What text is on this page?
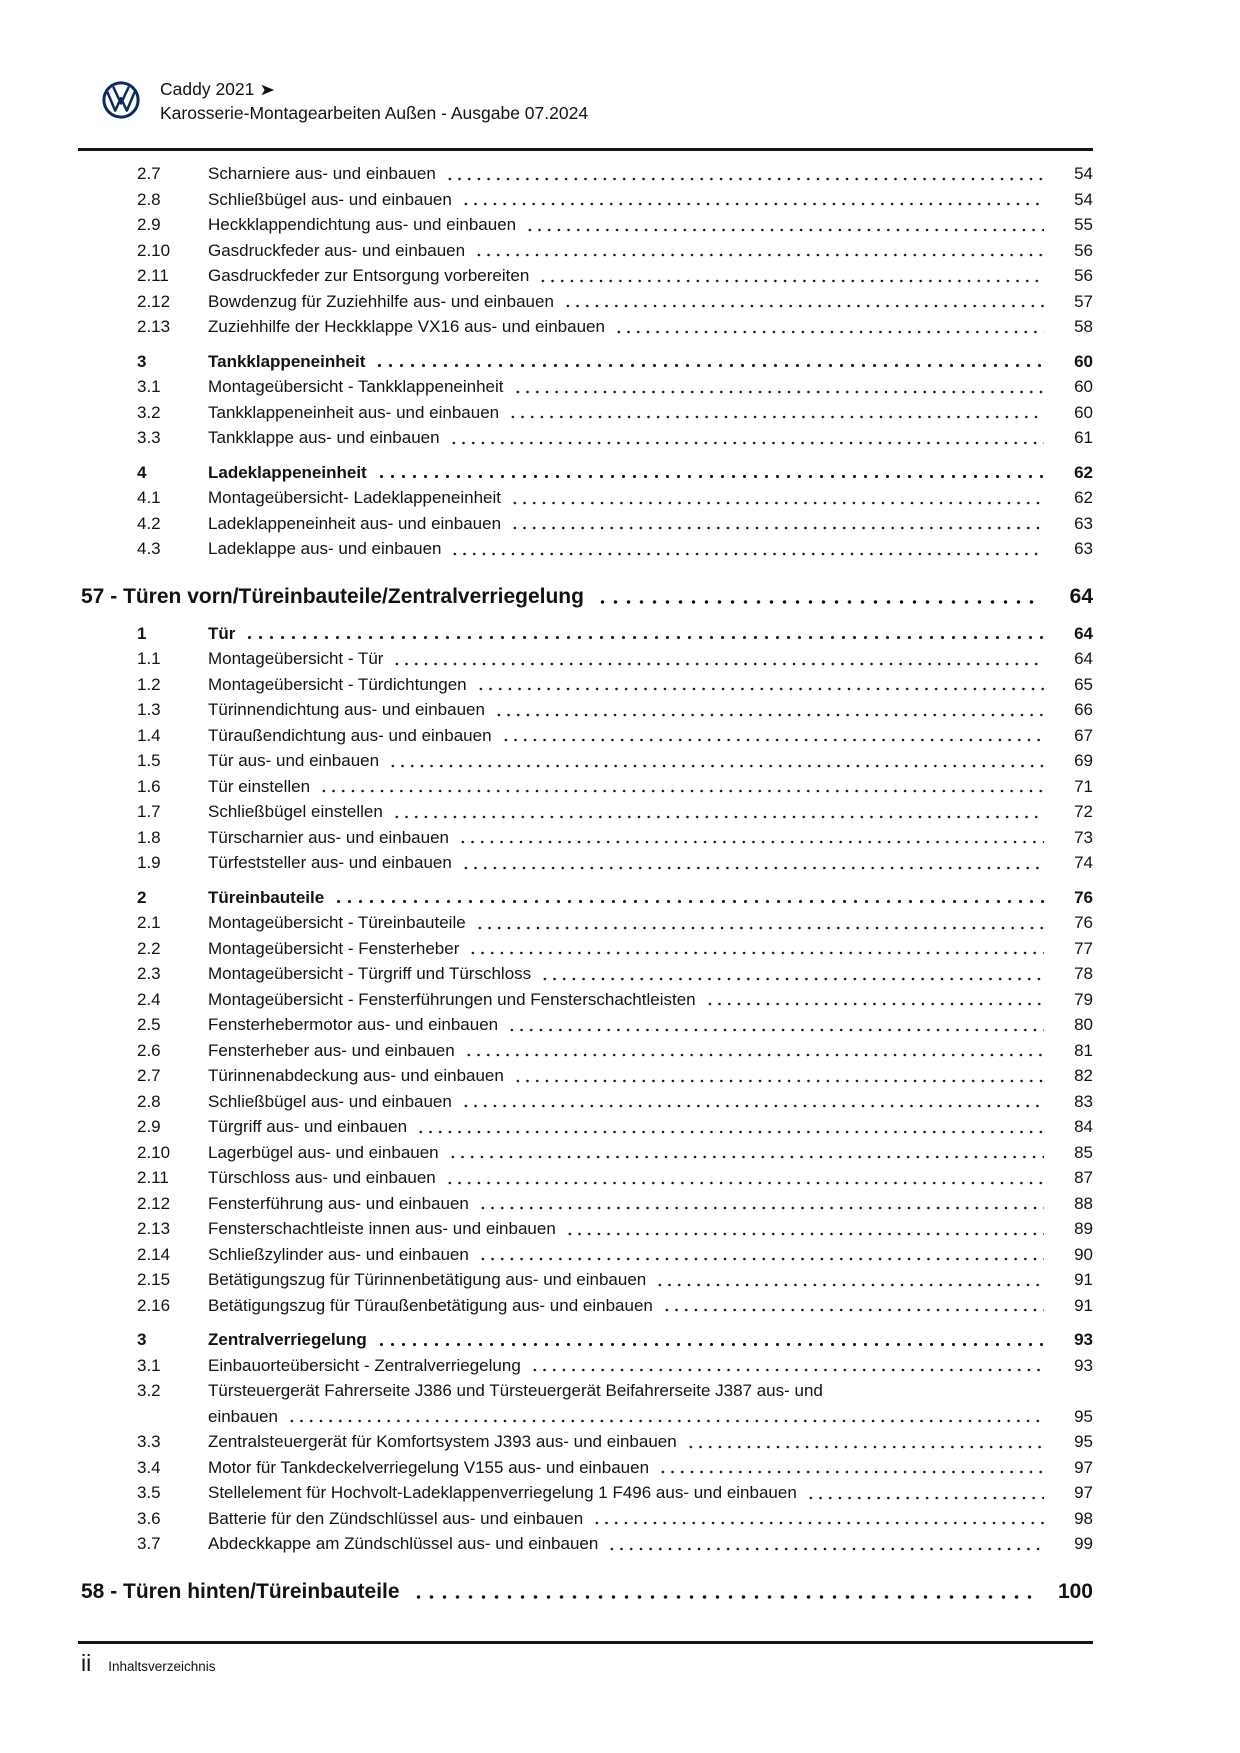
Caddy 2021
Karosserie-Montagearbeiten Außen - Ausgabe 07.2024
2.7	Scharniere aus- und einbauen	54
2.8	Schließbügel aus- und einbauen	54
2.9	Heckklappendichtung aus- und einbauen	55
2.10	Gasdruckfeder aus- und einbauen	56
2.11	Gasdruckfeder zur Entsorgung vorbereiten	56
2.12	Bowdenzug für Zuziehhilfe aus- und einbauen	57
2.13	Zuziehhilfe der Heckklappe VX16 aus- und einbauen	58
3	Tankklappeneinheit	60
3.1	Montageübersicht - Tankklappeneinheit	60
3.2	Tankklappeneinheit aus- und einbauen	60
3.3	Tankklappe aus- und einbauen	61
4	Ladeklappeneinheit	62
4.1	Montageübersicht- Ladeklappeneinheit	62
4.2	Ladeklappeneinheit aus- und einbauen	63
4.3	Ladeklappe aus- und einbauen	63
57 - Türen vorn/Türeinbauteile/Zentralverriegelung	64
1	Tür	64
1.1	Montageübersicht - Tür	64
1.2	Montageübersicht - Türdichtungen	65
1.3	Türinnendichtung aus- und einbauen	66
1.4	Türaußendichtung aus- und einbauen	67
1.5	Tür aus- und einbauen	69
1.6	Tür einstellen	71
1.7	Schließbügel einstellen	72
1.8	Türscharnier aus- und einbauen	73
1.9	Türfeststeller aus- und einbauen	74
2	Türeinbauteile	76
2.1	Montageübersicht - Türeinbauteile	76
2.2	Montageübersicht - Fensterheber	77
2.3	Montageübersicht - Türgriff und Türschloss	78
2.4	Montageübersicht - Fensterführungen und Fensterschachtleisten	79
2.5	Fensterhebermotor aus- und einbauen	80
2.6	Fensterheber aus- und einbauen	81
2.7	Türinnenabdeckung aus- und einbauen	82
2.8	Schließbügel aus- und einbauen	83
2.9	Türgriff aus- und einbauen	84
2.10	Lagerbügel aus- und einbauen	85
2.11	Türschloss aus- und einbauen	87
2.12	Fensterführung aus- und einbauen	88
2.13	Fensterschachtleiste innen aus- und einbauen	89
2.14	Schließzylinder aus- und einbauen	90
2.15	Betätigungszug für Türinnenbetätigung aus- und einbauen	91
2.16	Betätigungszug für Türaußenbetätigung aus- und einbauen	91
3	Zentralverriegelung	93
3.1	Einbauorteübersicht - Zentralverriegelung	93
3.2	Türsteuergerät Fahrerseite J386 und Türsteuergerät Beifahrerseite J387 aus- und
einbauen	95
3.3	Zentralsteuergerät für Komfortsystem J393 aus- und einbauen	95
3.4	Motor für Tankdeckelverriegelung V155 aus- und einbauen	97
3.5	Stellelement für Hochvolt-Ladeklappenverriegelung 1 F496 aus- und einbauen	97
3.6	Batterie für den Zündschlüssel aus- und einbauen	98
3.7	Abdeckkappe am Zündschlüssel aus- und einbauen	99
58 - Türen hinten/Türeinbauteile	100
ii Inhaltsverzeichnis
